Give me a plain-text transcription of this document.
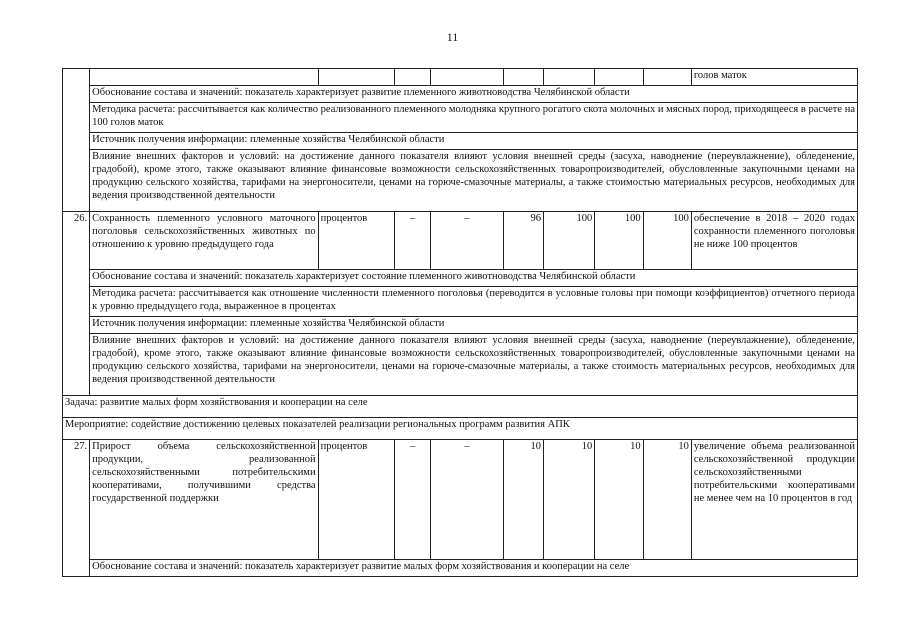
11
									голов маток
	Обоснование состава и значений: показатель характеризует развитие племенного животноводства Челябинской области								
	Методика расчета: рассчитывается как количество реализованного племенного молодняка крупного рогатого скота молочных и мясных пород, приходящееся в расчете на 100 голов маток								
	Источник получения информации: племенные хозяйства Челябинской области								
	Влияние внешних факторов и условий: на достижение данного показателя влияют условия внешней среды (засуха, наводнение (переувлажнение), обледенение, градобой), кроме этого, также оказывают влияние финансовые возможности сельскохозяйственных товаропроизводителей, обусловленные закупочными ценами на продукцию сельского хозяйства, тарифами на энергоносители, ценами на горюче-смазочные материалы, а также стоимостью материальных ресурсов, необходимых для ведения производственной деятельности								
26.	Сохранность племенного условного маточного поголовья сельскохозяйственных животных по отношению к уровню предыдущего года	процентов	–	–	96	100	100	100	обеспечение в 2018 – 2020 годах сохранности племенного поголовья не ниже 100 процентов
	Обоснование состава и значений: показатель характеризует состояние племенного животноводства Челябинской области								
	Методика расчета: рассчитывается как отношение численности племенного поголовья (переводится в условные головы при помощи коэффициентов) отчетного периода к уровню предыдущего года, выраженное в процентах								
	Источник получения информации: племенные хозяйства Челябинской области								
	Влияние внешних факторов и условий: на достижение данного показателя влияют условия внешней среды (засуха, наводнение (переувлажнение), обледенение, градобой), кроме этого, также оказывают влияние финансовые возможности сельскохозяйственных товаропроизводителей, обусловленные закупочными ценами на продукцию сельского хозяйства, тарифами на энергоносители, ценами на горюче-смазочные материалы, а также стоимость материальных ресурсов, необходимых для ведения производственной деятельности								
Задача: развитие малых форм хозяйствования и кооперации на селе									
Мероприятие: содействие достижению целевых показателей реализации региональных программ развития АПК									
27.	Прирост объема сельскохозяйственной продукции, реализованной сельскохозяйственными потребительскими кооперативами, получившими средства государственной поддержки	процентов	–	–	10	10	10	10	увеличение объема реализованной сельскохозяйственной продукции сельскохозяйственными потребительскими кооперативами не менее чем на 10 процентов в год
	Обоснование состава и значений: показатель характеризует развитие малых форм хозяйствования и кооперации на селе								
